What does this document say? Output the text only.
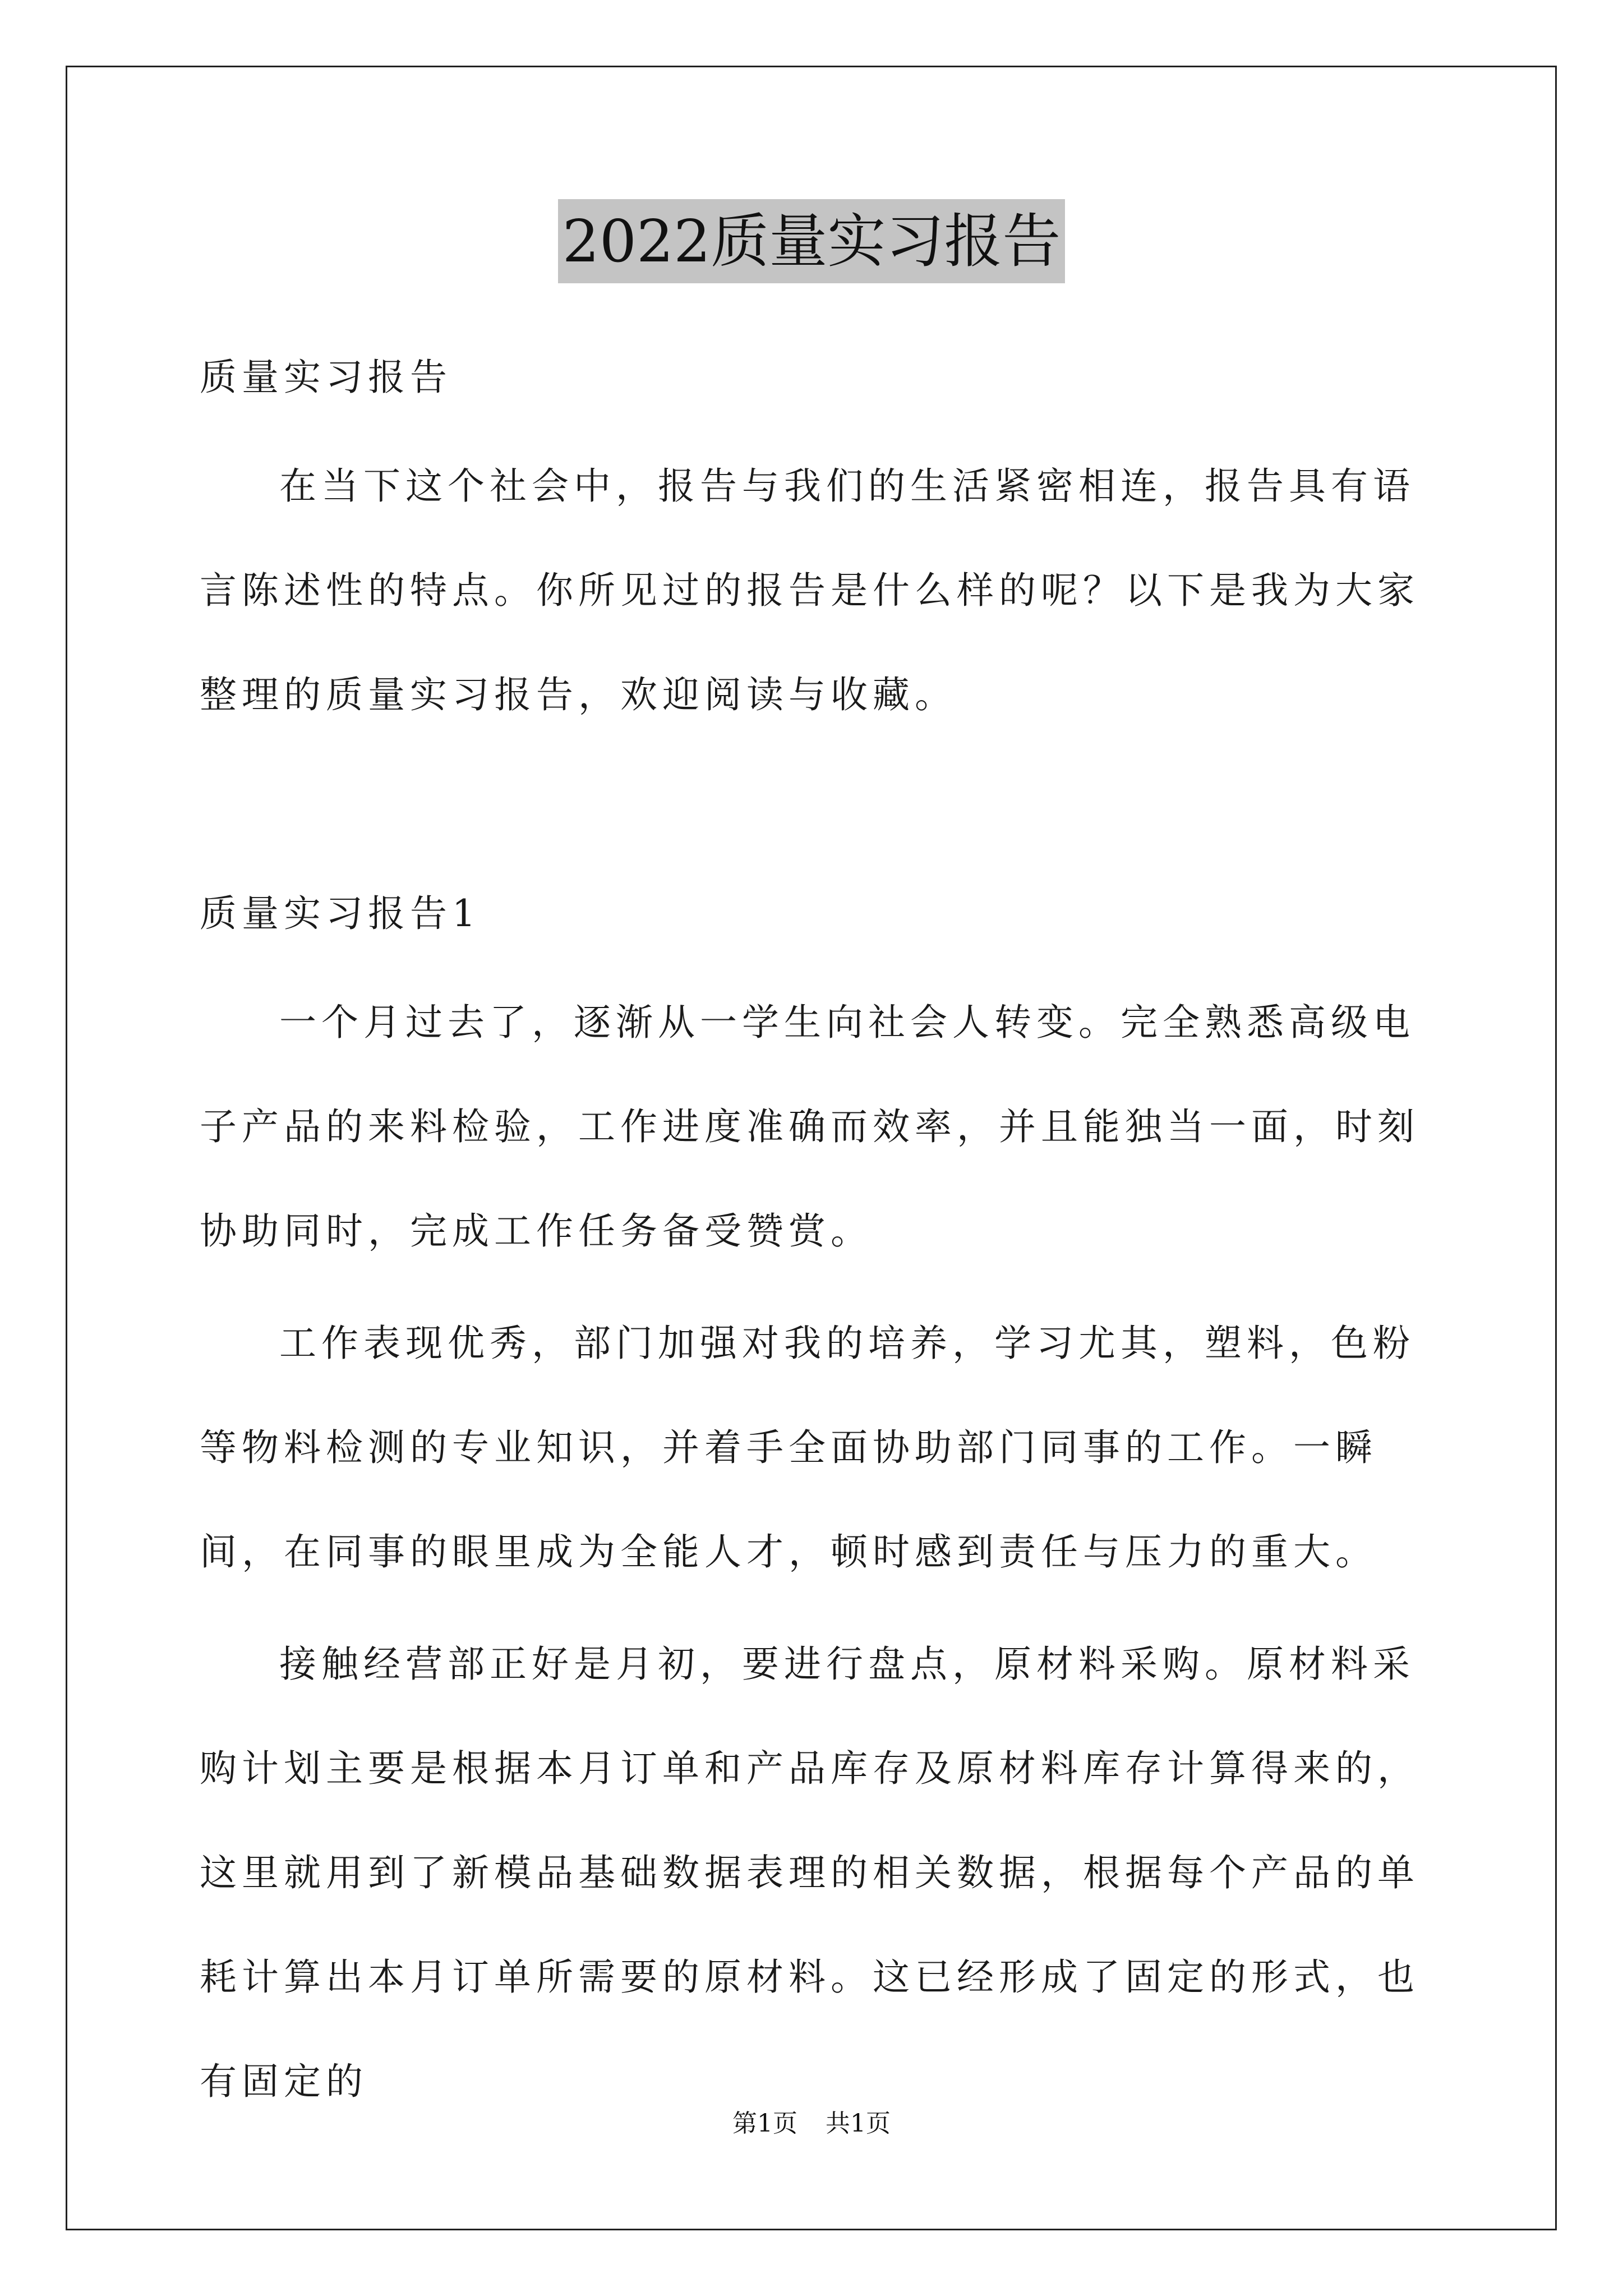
2022质量实习报告

质量实习报告

在当下这个社会中，报告与我们的生活紧密相连，报告具有语言陈述性的特点。你所见过的报告是什么样的呢？以下是我为大家整理的质量实习报告，欢迎阅读与收藏。

质量实习报告1

一个月过去了，逐渐从一学生向社会人转变。完全熟悉高级电子产品的来料检验，工作进度准确而效率，并且能独当一面，时刻协助同时，完成工作任务备受赞赏。

工作表现优秀，部门加强对我的培养，学习尤其，塑料，色粉等物料检测的专业知识，并着手全面协助部门同事的工作。一瞬间，在同事的眼里成为全能人才，顿时感到责任与压力的重大。

接触经营部正好是月初，要进行盘点，原材料采购。原材料采购计划主要是根据本月订单和产品库存及原材料库存计算得来的，这里就用到了新模品基础数据表理的相关数据，根据每个产品的单耗计算出本月订单所需要的原材料。这已经形成了固定的形式，也有固定的

第1页 共1页
